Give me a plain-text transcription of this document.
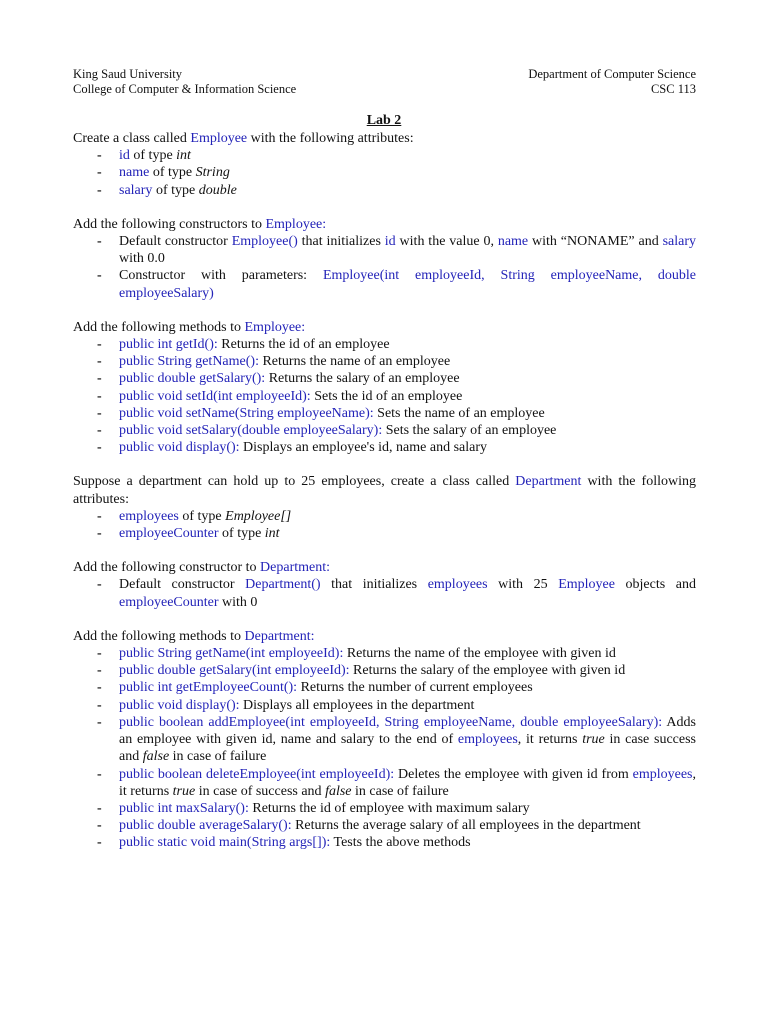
King Saud University	Department of Computer Science
College of Computer & Information Science	CSC 113
Lab 2

Create a class called Employee with the following attributes:

- id of type int
- name of type String
- salary of type double

Add the following constructors to Employee:

- Default constructor Employee() that initializes id with the value 0, name with “NONAME” and salary with 0.0
- Constructor with parameters: Employee(int employeeId, String employeeName, double employeeSalary)

Add the following methods to Employee:

- public int getId(): Returns the id of an employee
- public String getName(): Returns the name of an employee
- public double getSalary(): Returns the salary of an employee
- public void setId(int employeeId): Sets the id of an employee
- public void setName(String employeeName): Sets the name of an employee
- public void setSalary(double employeeSalary): Sets the salary of an employee
- public void display(): Displays an employee's id, name and salary

Suppose a department can hold up to 25 employees, create a class called Department with the following attributes:

- employees of type Employee[]
- employeeCounter of type int

Add the following constructor to Department:

- Default constructor Department() that initializes employees with 25 Employee objects and employeeCounter with 0

Add the following methods to Department:

- public String getName(int employeeId): Returns the name of the employee with given id
- public double getSalary(int employeeId): Returns the salary of the employee with given id
- public int getEmployeeCount(): Returns the number of current employees
- public void display(): Displays all employees in the department
- public boolean addEmployee(int employeeId, String employeeName, double employeeSalary): Adds an employee with given id, name and salary to the end of employees, it returns true in case success and false in case of failure
- public boolean deleteEmployee(int employeeId): Deletes the employee with given id from employees, it returns true in case of success and false in case of failure
- public int maxSalary(): Returns the id of employee with maximum salary
- public double averageSalary(): Returns the average salary of all employees in the department
- public static void main(String args[]): Tests the above methods
